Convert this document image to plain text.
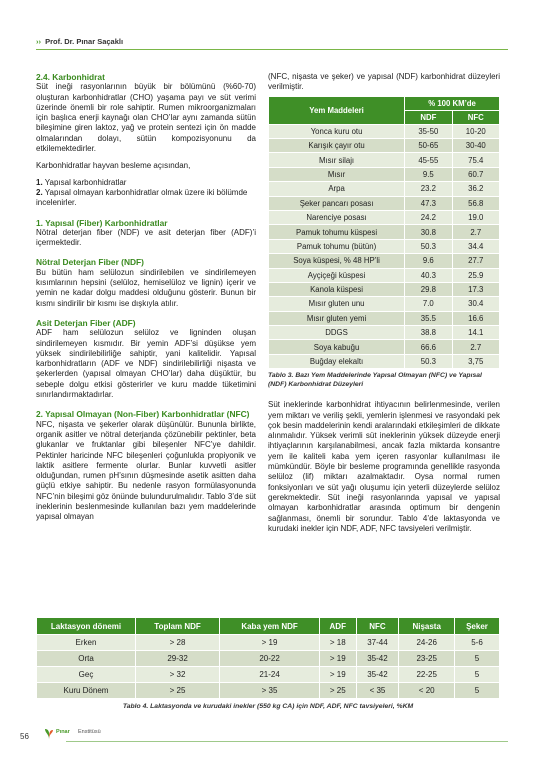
›› Prof. Dr. Pınar Saçaklı
2.4. Karbonhidrat

Süt ineği rasyonlarının büyük bir bölümünü (%60-70) oluşturan karbonhidratlar (CHO) yaşama payı ve süt verimi üzerinde önemli bir role sahiptir. Rumen mikroorganizmaları için başlıca enerji kaynağı olan CHO’lar aynı zamanda sütün bileşimine giren laktoz, yağ ve protein sentezi için ön madde olmalarından dolayı, sütün kompozisyonunu da etkilemektedirler.

Karbonhidratlar hayvan besleme açısından,
1. Yapısal karbonhidratlar
2. Yapısal olmayan karbonhidratlar olmak üzere iki bölümde incelenirler.
1. Yapısal (Fiber) Karbonhidratlar

Nötral deterjan fiber (NDF) ve asit deterjan fiber (ADF)’i içermektedir.

Nötral Deterjan Fiber (NDF)

Bu bütün ham selülozun sindirilebilen ve sindirilemeyen kısımlarının hepsini (selüloz, hemiselüloz ve lignin) içerir ve yemin ne kadar dolgu maddesi olduğunu gösterir. Bunun bir kısmı sindirilir bir kısmı ise dışkıyla atılır.

Asit Deterjan Fiber (ADF)

ADF ham selülozun selüloz ve ligninden oluşan sindirilemeyen kısmıdır. Bir yemin ADF’si düşükse yem yüksek sindirilebilirliğe sahiptir, yani kalitelidir. Yapısal karbonhidratların (ADF ve NDF) sindirilebilirliği nişasta ve şekerlerden (yapısal olmayan CHO’lar) daha düşüktür, bu sebeple dolgu etkisi gösterirler ve kuru madde tüketimini sınırlandırmaktadırlar.

2. Yapısal Olmayan (Non-Fiber) Karbonhidratlar (NFC)

NFC, nişasta ve şekerler olarak düşünülür. Bununla birlikte, organik asitler ve nötral deterjanda çözünebilir pektinler, beta glukanlar ve fruktanlar gibi bileşenler NFC’ye dahildir. Pektinler haricinde NFC bileşenleri çoğunlukla propiyonik ve laktik asitlere fermente olurlar. Bunlar kuvvetli asitler olduğundan, rumen pH’sının düşmesinde asetik asitten daha güçlü etkiye sahiptir. Bu nedenle rasyon formülasyonunda NFC’nin bileşimi göz önünde bulundurulmalıdır. Tablo 3’de süt ineklerinin beslenmesinde kullanılan bazı yem maddelerinde yapısal olmayan

(NFC, nişasta ve şeker) ve yapısal (NDF) karbonhidrat düzeyleri verilmiştir.

Yem Maddeleri	% 100 KM’de	
	NDF	NFC
Yonca kuru otu	35-50	10-20
Karışık çayır otu	50-65	30-40
Mısır silajı	45-55	75.4
Mısır	9.5	60.7
Arpa	23.2	36.2
Şeker pancarı posası	47.3	56.8
Narenciye posası	24.2	19.0
Pamuk tohumu küspesi	30.8	2.7
Pamuk tohumu (bütün)	50.3	34.4
Soya küspesi, % 48 HP’li	9.6	27.7
Ayçiçeği küspesi	40.3	25.9
Kanola küspesi	29.8	17.3
Mısır gluten unu	7.0	30.4
Mısır gluten yemi	35.5	16.6
DDGS	38.8	14.1
Soya kabuğu	66.6	2.7
Buğday elekaltı	50.3	3,75
Tablo 3. Bazı Yem Maddelerinde Yapısal Olmayan (NFC) ve Yapısal (NDF) Karbonhidrat Düzeyleri

Süt ineklerinde karbonhidrat ihtiyacının belirlenmesinde, verilen yem miktarı ve veriliş şekli, yemlerin işlenmesi ve rasyondaki pek çok besin maddelerinin kendi aralarındaki etkileşimleri de dikkate alınmalıdır. Yüksek verimli süt ineklerinin yüksek düzeyde enerji ihtiyaçlarının karşılanabilmesi, ancak fazla miktarda konsantre yem ile kaliteli kaba yem içeren rasyonlar kullanılması ile mümkündür. Böyle bir besleme programında genellikle rasyonda selüloz (lif) miktarı azalmaktadır. Oysa normal rumen fonksiyonları ve süt yağı oluşumu için yeterli düzeylerde selüloz gerekmektedir. Süt ineği rasyonlarında yapısal ve yapısal olmayan karbonhidratlar arasında optimum bir dengenin sağlanması, önemli bir sorundur. Tablo 4’de laktasyonda ve kurudaki inekler için NDF, ADF, NFC tavsiyeleri verilmiştir.

Laktasyon dönemi	Toplam NDF	Kaba yem NDF	ADF	NFC	Nişasta	Şeker
Erken	> 28	> 19	> 18	37-44	24-26	5-6
Orta	29-32	20-22	> 19	35-42	23-25	5
Geç	> 32	21-24	> 19	35-42	22-25	5
Kuru Dönem	> 25	> 35	> 25	< 35	< 20	5
Tablo 4. Laktasyonda ve kurudaki inekler (550 kg CA) için NDF, ADF, NFC tavsiyeleri, %KM
56	Pınar Enstitüsü
